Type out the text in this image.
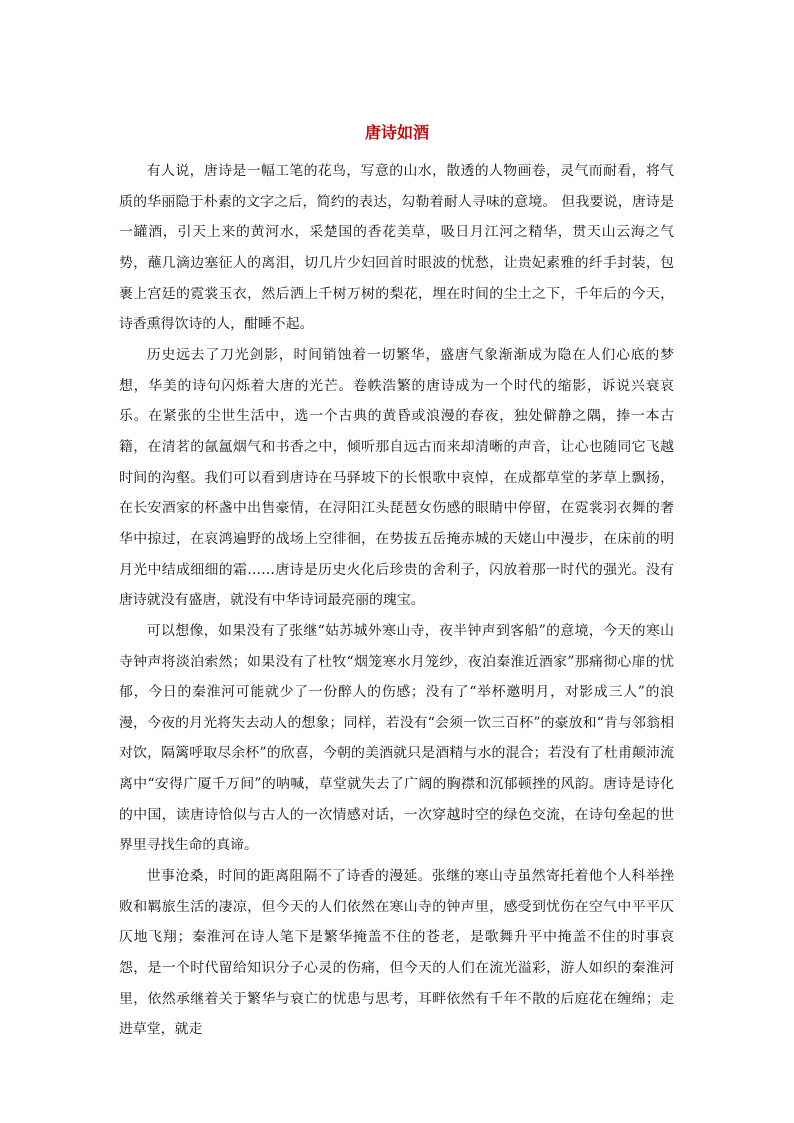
唐诗如酒

有人说，唐诗是一幅工笔的花鸟，写意的山水，散透的人物画卷，灵气而耐看，将气质的华丽隐于朴素的文字之后，简约的表达，勾勒着耐人寻味的意境。 但我要说，唐诗是一罐酒，引天上来的黄河水，采楚国的香花美草，吸日月江河之精华，贯天山云海之气势，蘸几滴边塞征人的离泪，切几片少妇回首时眼波的忧愁，让贵妃素雅的纤手封装，包裹上宫廷的霓裳玉衣，然后洒上千树万树的梨花，埋在时间的尘土之下，千年后的今天，诗香熏得饮诗的人，酣睡不起。

历史远去了刀光剑影，时间销蚀着一切繁华，盛唐气象渐渐成为隐在人们心底的梦想，华美的诗句闪烁着大唐的光芒。卷帙浩繁的唐诗成为一个时代的缩影，诉说兴衰哀乐。在紧张的尘世生活中，选一个古典的黄昏或浪漫的春夜，独处僻静之隅，捧一本古籍，在清茗的氤氲烟气和书香之中，倾听那自远古而来却清晰的声音，让心也随同它飞越时间的沟壑。我们可以看到唐诗在马驿坡下的长恨歌中哀悼，在成都草堂的茅草上飘扬，在长安酒家的杯盏中出售豪情，在浔阳江头琵琶女伤感的眼睛中停留，在霓裳羽衣舞的奢华中掠过，在哀鸿遍野的战场上空徘徊，在势拔五岳掩赤城的天姥山中漫步，在床前的明月光中结成细细的霜……唐诗是历史火化后珍贵的舍利子，闪放着那一时代的强光。没有唐诗就没有盛唐，就没有中华诗词最亮丽的瑰宝。

可以想像，如果没有了张继“姑苏城外寒山寺，夜半钟声到客船”的意境，今天的寒山寺钟声将淡泊索然；如果没有了杜牧“烟笼寒水月笼纱，夜泊秦淮近酒家”那痛彻心扉的忧郁，今日的秦淮河可能就少了一份醉人的伤感；没有了“举杯邀明月，对影成三人”的浪漫，今夜的月光将失去动人的想象；同样，若没有“会须一饮三百杯”的豪放和“肯与邻翁相对饮，隔篱呼取尽余杯”的欣喜，今朝的美酒就只是酒精与水的混合；若没有了杜甫颠沛流离中“安得广厦千万间”的呐喊，草堂就失去了广阔的胸襟和沉郁顿挫的风韵。唐诗是诗化的中国，读唐诗恰似与古人的一次情感对话，一次穿越时空的绿色交流，在诗句垒起的世界里寻找生命的真谛。

世事沧桑，时间的距离阻隔不了诗香的漫延。张继的寒山寺虽然寄托着他个人科举挫败和羁旅生活的凄凉，但今天的人们依然在寒山寺的钟声里，感受到忧伤在空气中平平仄仄地飞翔；秦淮河在诗人笔下是繁华掩盖不住的苍老，是歌舞升平中掩盖不住的时事哀怨，是一个时代留给知识分子心灵的伤痛，但今天的人们在流光溢彩，游人如织的秦淮河里，依然承继着关于繁华与衰亡的忧患与思考，耳畔依然有千年不散的后庭花在缠绵；走进草堂，就走
